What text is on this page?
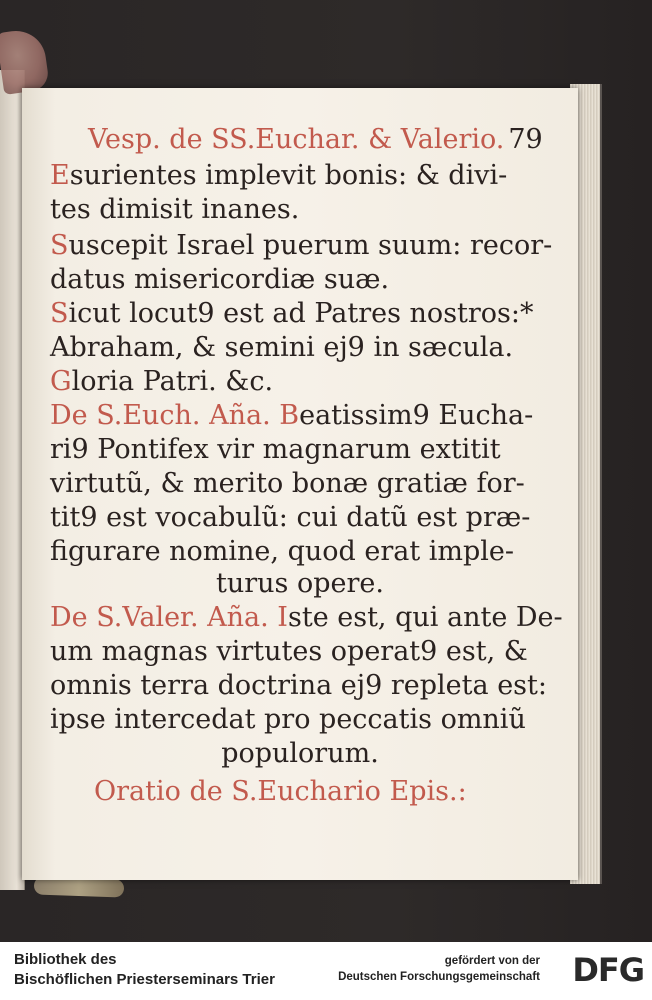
Vesp. de SS.Euchar. & Valerio. 79
Esurientes implevit bonis: & divi-
tes dimisit inanes.
Suscepit Israel puerum suum: recor-
datus misericordiæ suæ.
Sicut locut9 est ad Patres nostros:*
Abraham, & semini ej9 in sæcula.
Gloria Patri. &c.
De S.Euch. Aña. Beatissim9 Eucha-
ri9 Pontifex vir magnarum extitit
virtutũ, & merito bonæ gratiæ for-
tit9 est vocabulũ: cui datũ est præ-
figurare nomine, quod erat imple-
turus opere.
De S.Valer. Aña. Iste est, qui ante De-
um magnas virtutes operat9 est, &
omnis terra doctrina ej9 repleta est:
ipse intercedat pro peccatis omniũ
populorum.
Oratio de S.Euchario Epis.:
Bibliothek des
Bischöflichen Priesterseminars Trier
gefördert von der
Deutschen Forschungsgemeinschaft DFG
